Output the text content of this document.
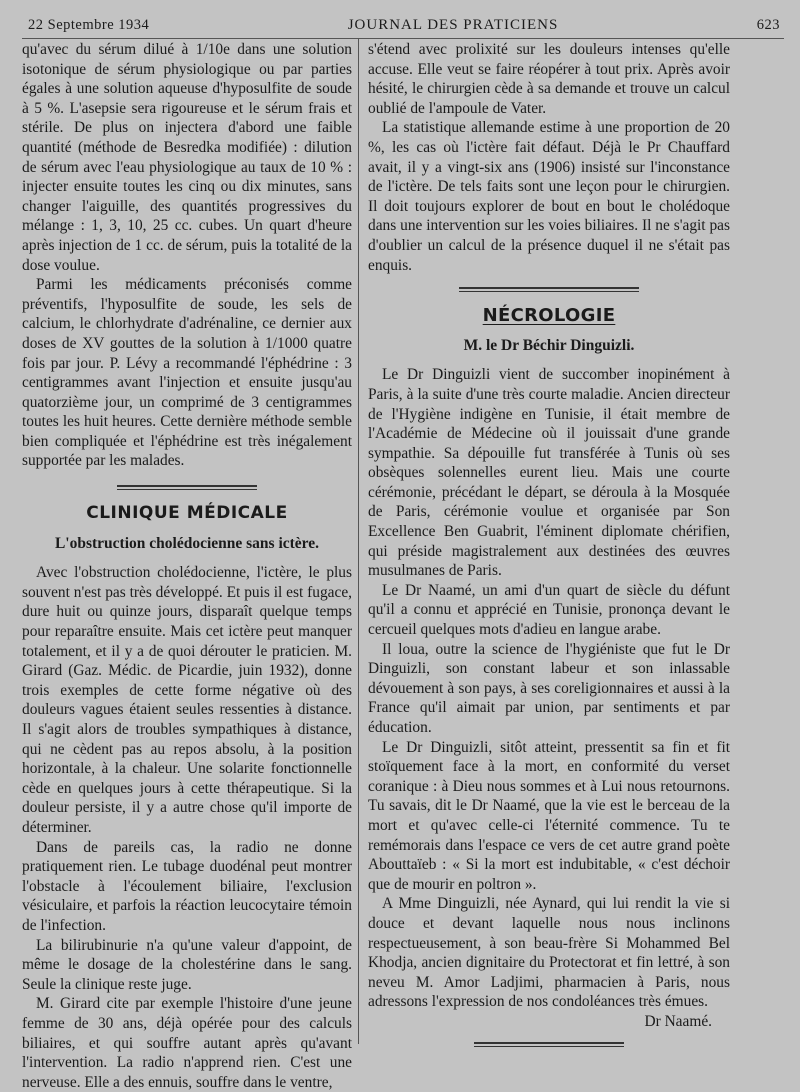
22 Septembre 1934	JOURNAL DES PRATICIENS	623

qu'avec du sérum dilué à 1/10e dans une solution isotonique de sérum physiologique ou par parties égales à une solution aqueuse d'hyposulfite de soude à 5 %. L'asepsie sera rigoureuse et le sérum frais et stérile. De plus on injectera d'abord une faible quantité (méthode de Besredka modifiée) : dilution de sérum avec l'eau physiologique au taux de 10 % : injecter ensuite toutes les cinq ou dix minutes, sans changer l'aiguille, des quantités progressives du mélange : 1, 3, 10, 25 cc. cubes. Un quart d'heure après injection de 1 cc. de sérum, puis la totalité de la dose voulue.

Parmi les médicaments préconisés comme préventifs, l'hyposulfite de soude, les sels de calcium, le chlorhydrate d'adrénaline, ce dernier aux doses de XV gouttes de la solution à 1/1000 quatre fois par jour. P. Lévy a recommandé l'éphédrine : 3 centigrammes avant l'injection et ensuite jusqu'au quatorzième jour, un comprimé de 3 centigrammes toutes les huit heures. Cette dernière méthode semble bien compliquée et l'éphédrine est très inégalement supportée par les malades.

CLINIQUE MÉDICALE
L'obstruction cholédocienne sans ictère.

Avec l'obstruction cholédocienne, l'ictère, le plus souvent n'est pas très développé. Et puis il est fugace, dure huit ou quinze jours, disparaît quelque temps pour reparaître ensuite. Mais cet ictère peut manquer totalement, et il y a de quoi dérouter le praticien. M. Girard (Gaz. Médic. de Picardie, juin 1932), donne trois exemples de cette forme négative où des douleurs vagues étaient seules ressenties à distance. Il s'agit alors de troubles sympathiques à distance, qui ne cèdent pas au repos absolu, à la position horizontale, à la chaleur. Une solarite fonctionnelle cède en quelques jours à cette thérapeutique. Si la douleur persiste, il y a autre chose qu'il importe de déterminer.

Dans de pareils cas, la radio ne donne pratiquement rien. Le tubage duodénal peut montrer l'obstacle à l'écoulement biliaire, l'exclusion vésiculaire, et parfois la réaction leucocytaire témoin de l'infection.

La bilirubinurie n'a qu'une valeur d'appoint, de même le dosage de la cholestérine dans le sang. Seule la clinique reste juge.

M. Girard cite par exemple l'histoire d'une jeune femme de 30 ans, déjà opérée pour des calculs biliaires, et qui souffre autant après qu'avant l'intervention. La radio n'apprend rien. C'est une nerveuse. Elle a des ennuis, souffre dans le ventre,

s'étend avec prolixité sur les douleurs intenses qu'elle accuse. Elle veut se faire réopérer à tout prix. Après avoir hésité, le chirurgien cède à sa demande et trouve un calcul oublié de l'ampoule de Vater.

La statistique allemande estime à une proportion de 20 %, les cas où l'ictère fait défaut. Déjà le Pr Chauffard avait, il y a vingt-six ans (1906) insisté sur l'inconstance de l'ictère. De tels faits sont une leçon pour le chirurgien. Il doit toujours explorer de bout en bout le cholédoque dans une intervention sur les voies biliaires. Il ne s'agit pas d'oublier un calcul de la présence duquel il ne s'était pas enquis.

NÉCROLOGIE
M. le Dr Béchir Dinguizli.

Le Dr Dinguizli vient de succomber inopinément à Paris, à la suite d'une très courte maladie. Ancien directeur de l'Hygiène indigène en Tunisie, il était membre de l'Académie de Médecine où il jouissait d'une grande sympathie. Sa dépouille fut transférée à Tunis où ses obsèques solennelles eurent lieu. Mais une courte cérémonie, précédant le départ, se déroula à la Mosquée de Paris, cérémonie voulue et organisée par Son Excellence Ben Guabrit, l'éminent diplomate chérifien, qui préside magistralement aux destinées des œuvres musulmanes de Paris.

Le Dr Naamé, un ami d'un quart de siècle du défunt qu'il a connu et apprécié en Tunisie, prononça devant le cercueil quelques mots d'adieu en langue arabe.

Il loua, outre la science de l'hygiéniste que fut le Dr Dinguizli, son constant labeur et son inlassable dévouement à son pays, à ses coreligionnaires et aussi à la France qu'il aimait par union, par sentiments et par éducation.

Le Dr Dinguizli, sitôt atteint, pressentit sa fin et fit stoïquement face à la mort, en conformité du verset coranique : à Dieu nous sommes et à Lui nous retournons. Tu savais, dit le Dr Naamé, que la vie est le berceau de la mort et qu'avec celle-ci l'éternité commence. Tu te remémorais dans l'espace ce vers de cet autre grand poète Abouttaïeb : « Si la mort est indubitable, « c'est déchoir que de mourir en poltron ».

A Mme Dinguizli, née Aynard, qui lui rendit la vie si douce et devant laquelle nous nous inclinons respectueusement, à son beau-frère Si Mohammed Bel Khodja, ancien dignitaire du Protectorat et fin lettré, à son neveu M. Amor Ladjimi, pharmacien à Paris, nous adressons l'expression de nos condoléances très émues.

Dr Naamé.
